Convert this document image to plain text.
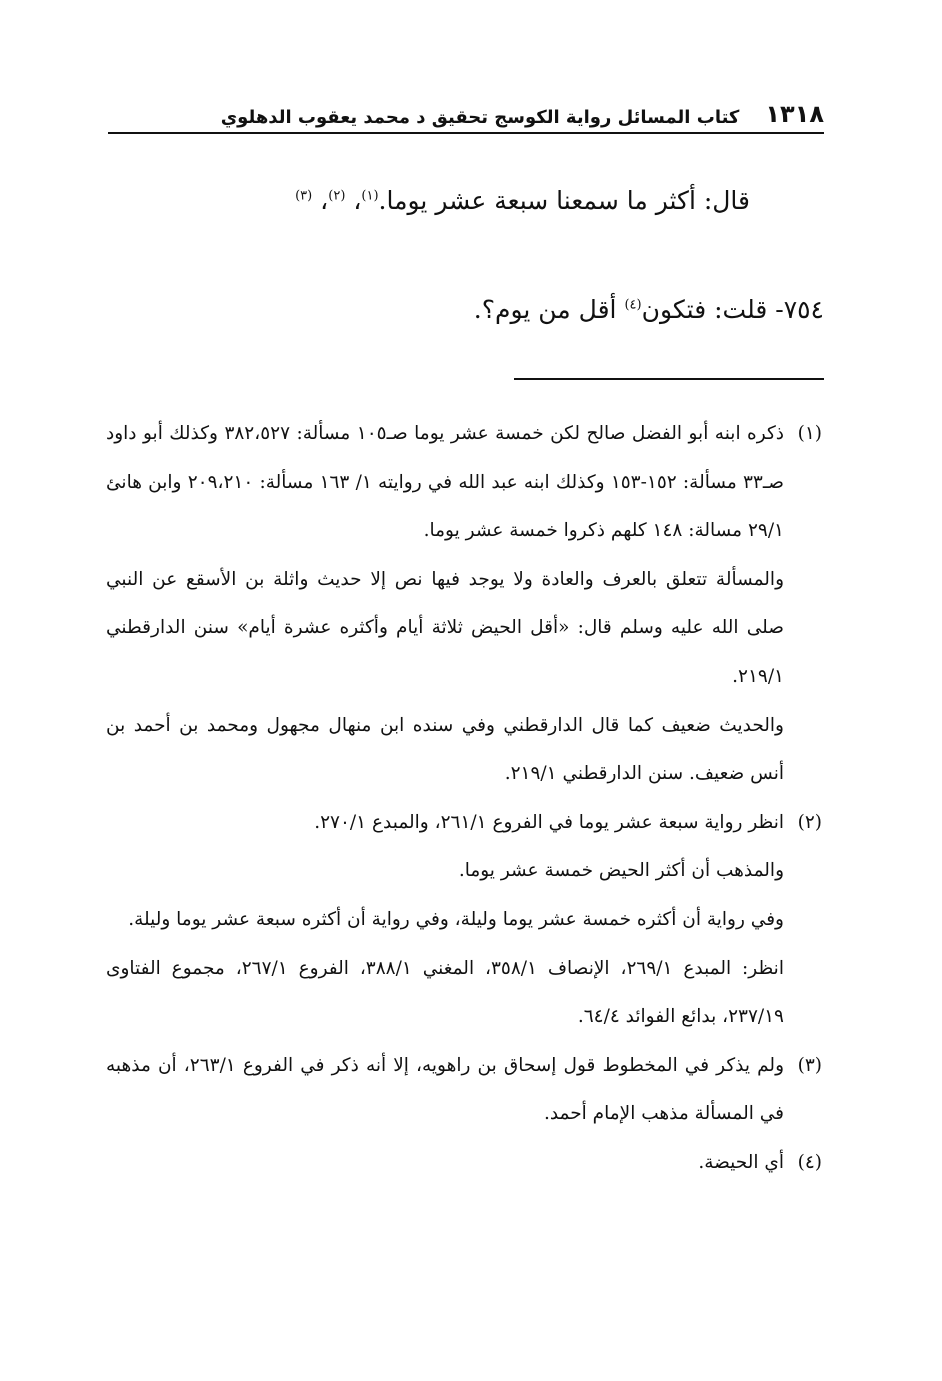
١٣١٨
كتاب المسائل رواية الكوسج تحقيق د محمد يعقوب الدهلوي
قال: أكثر ما سمعنا سبعة عشر يوما.$^{(١)}$، $^{(٢)}$، $^{(٣)}$
٧٥٤- قلت: فتكون$^{(٤)}$ أقل من يوم؟.
(١)

ذكره ابنه أبو الفضل صالح لكن خمسة عشر يوما صـ١٠٥ مسألة: ٣٨٢،٥٢٧ وكذلك أبو داود صـ٣٣ مسألة: ١٥٢-١٥٣ وكذلك ابنه عبد الله في روايته ١/ ١٦٣ مسألة: ٢٠٩،٢١٠ وابن هانئ ٢٩/١ مسالة: ١٤٨ كلهم ذكروا خمسة عشر يوما.

والمسألة تتعلق بالعرف والعادة ولا يوجد فيها نص إلا حديث واثلة بن الأسقع عن النبي صلى الله عليه وسلم قال: «أقل الحيض ثلاثة أيام وأكثره عشرة أيام» سنن الدارقطني ٢١٩/١.

والحديث ضعيف كما قال الدارقطني وفي سنده ابن منهال مجهول ومحمد بن أحمد بن أنس ضعيف. سنن الدارقطني ٢١٩/١.

(٢)

انظر رواية سبعة عشر يوما في الفروع ٢٦١/١، والمبدع ٢٧٠/١.

والمذهب أن أكثر الحيض خمسة عشر يوما.

وفي رواية أن أكثره خمسة عشر يوما وليلة، وفي رواية أن أكثره سبعة عشر يوما وليلة.

انظر: المبدع ٢٦٩/١، الإنصاف ٣٥٨/١، المغني ٣٨٨/١، الفروع ٢٦٧/١، مجموع الفتاوى ٢٣٧/١٩، بدائع الفوائد ٦٤/٤.

(٣)

ولم يذكر في المخطوط قول إسحاق بن راهويه، إلا أنه ذكر في الفروع ٢٦٣/١، أن مذهبه في المسألة مذهب الإمام أحمد.

(٤)

أي الحيضة.
